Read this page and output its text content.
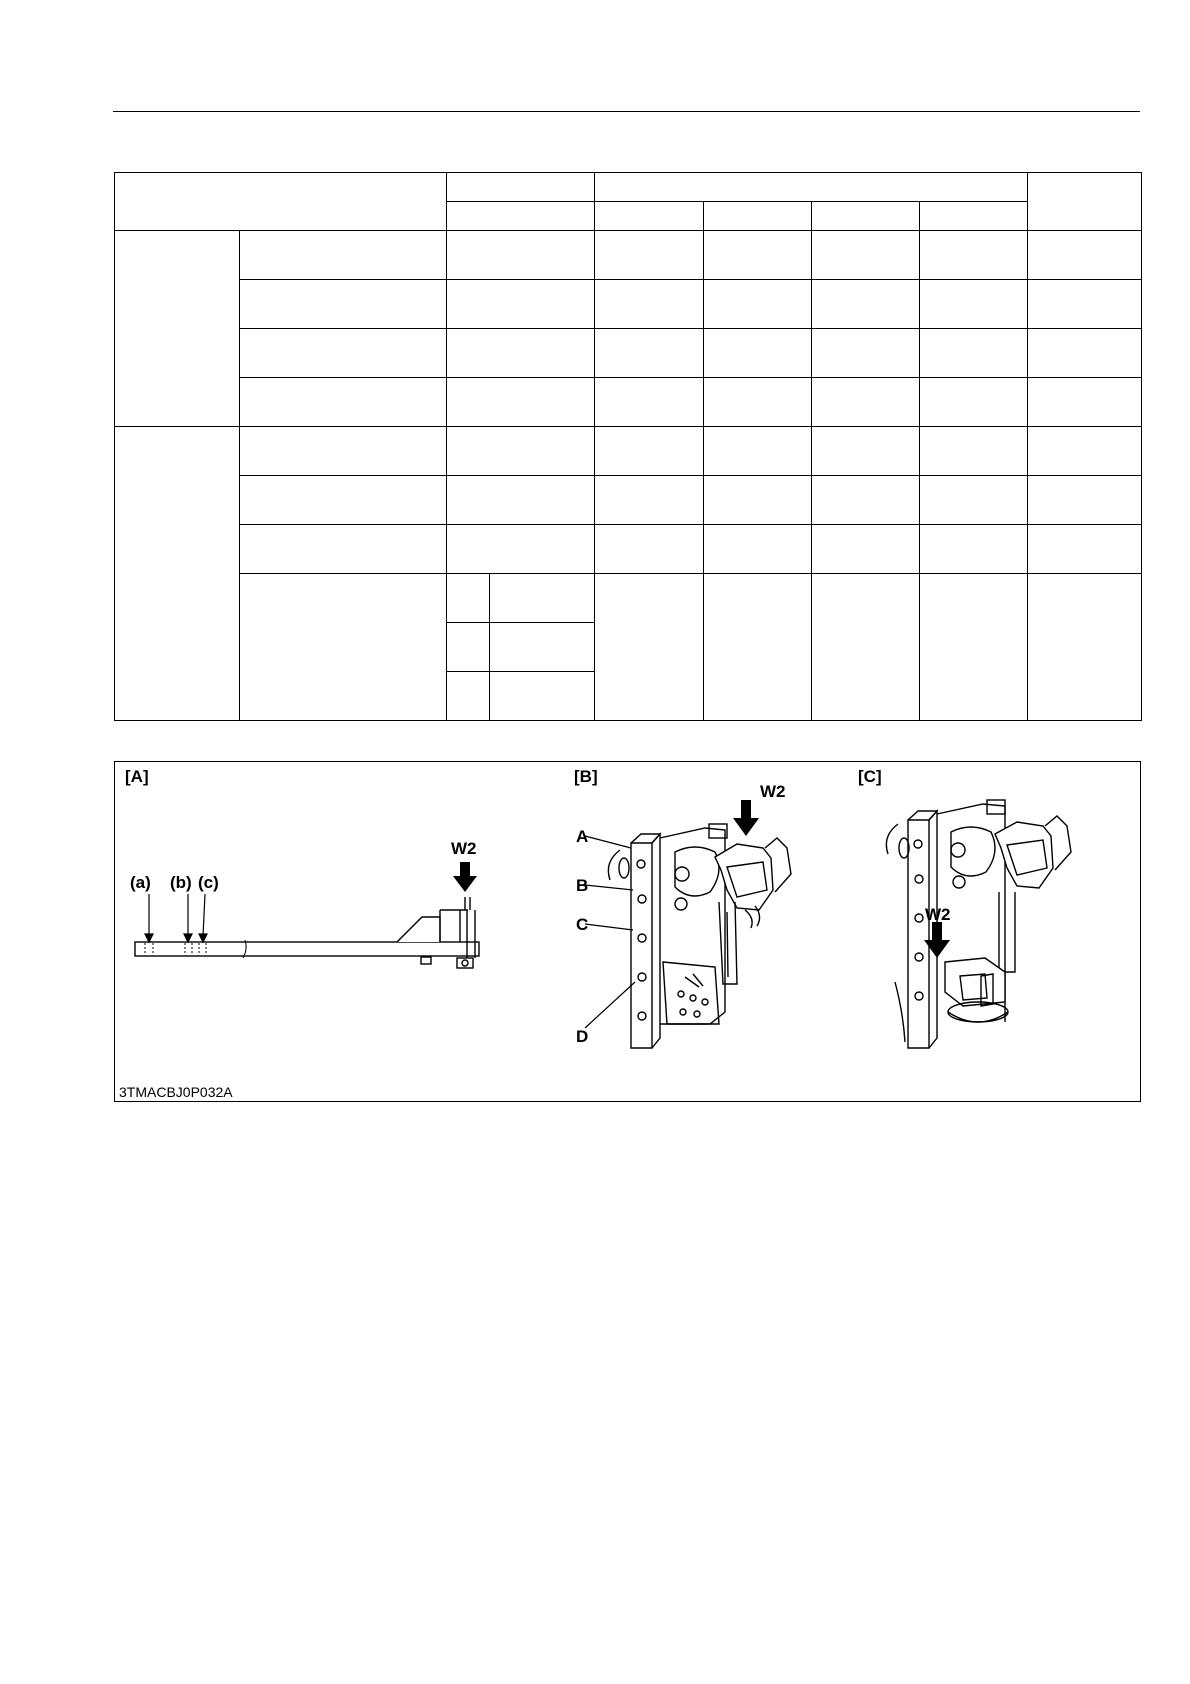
[A]	[B]	[C]
(a) (b) (c)
W2
A
B
C
D
W2
W2
3TMACBJ0P032A
